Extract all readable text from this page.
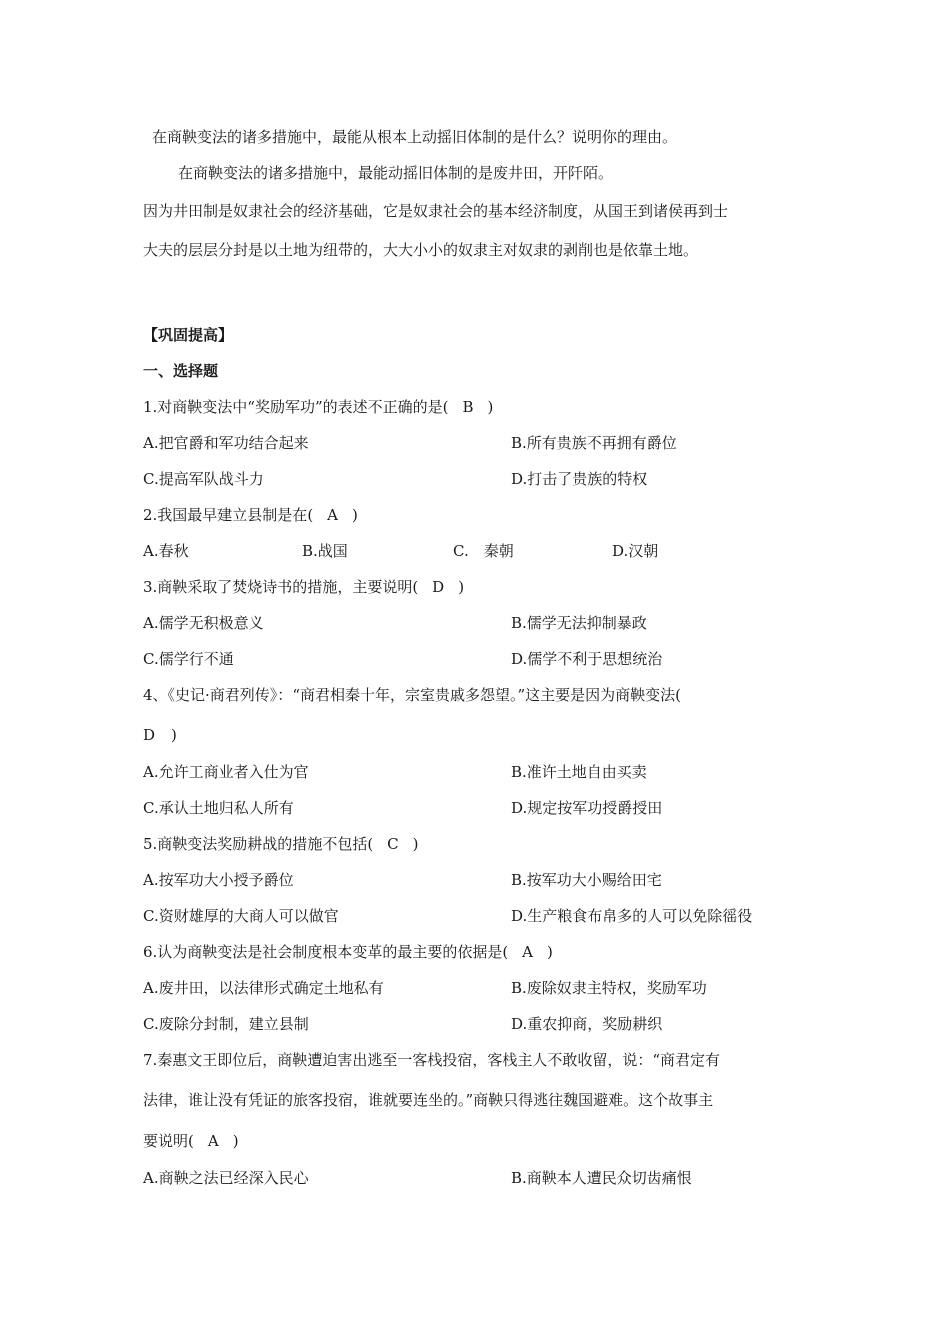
在商鞅变法的诸多措施中，最能从根本上动摇旧体制的是什么？说明你的理由。
在商鞅变法的诸多措施中，最能动摇旧体制的是废井田，开阡陌。
因为井田制是奴隶社会的经济基础，它是奴隶社会的基本经济制度，从国王到诸侯再到士
大夫的层层分封是以土地为纽带的，大大小小的奴隶主对奴隶的剥削也是依靠土地。
【巩固提高】
一、选择题
1.对商鞅变法中“奖励军功”的表述不正确的是( B )
A.把官爵和军功结合起来	B.所有贵族不再拥有爵位
C.提高军队战斗力	D.打击了贵族的特权
2.我国最早建立县制是在( A )
A.春秋	B.战国	C.　秦朝	D.汉朝
3.商鞅采取了焚烧诗书的措施，主要说明( D )
A.儒学无积极意义	B.儒学无法抑制暴政
C.儒学行不通	D.儒学不利于思想统治
4、《史记·商君列传》：“商君相秦十年，宗室贵戚多怨望。”这主要是因为商鞅变法(
D )
A.允许工商业者入仕为官	B.准许土地自由买卖
C.承认土地归私人所有	D.规定按军功授爵授田
5.商鞅变法奖励耕战的措施不包括( C )
A.按军功大小授予爵位	B.按军功大小赐给田宅
C.资财雄厚的大商人可以做官	D.生产粮食布帛多的人可以免除徭役
6.认为商鞅变法是社会制度根本变革的最主要的依据是( A )
A.废井田，以法律形式确定土地私有	B.废除奴隶主特权，奖励军功
C.废除分封制，建立县制	D.重农抑商，奖励耕织
7.秦惠文王即位后，商鞅遭迫害出逃至一客栈投宿，客栈主人不敢收留，说：“商君定有
法律，谁让没有凭证的旅客投宿，谁就要连坐的。”商鞅只得逃往魏国避难。这个故事主
要说明( A )
A.商鞅之法已经深入民心	B.商鞅本人遭民众切齿痛恨
